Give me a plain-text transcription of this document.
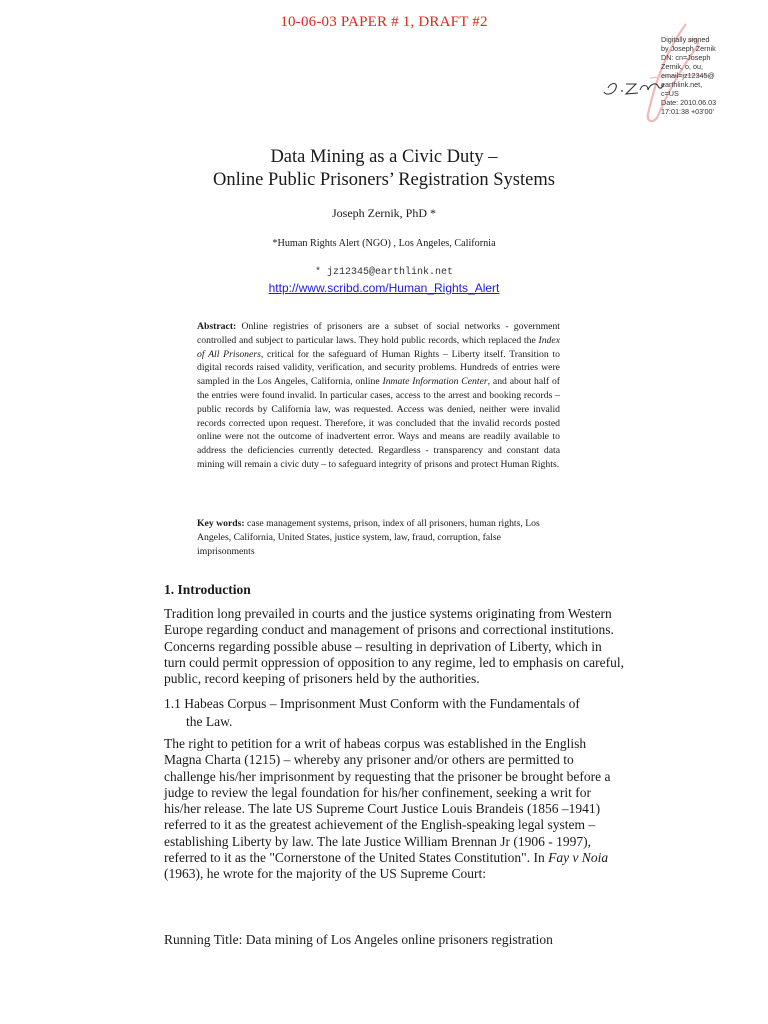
10-06-03 PAPER # 1, DRAFT #2
Digitally signed
by Joseph Zernik
DN: cn=Joseph
Zernik, o, ou,
email=jz12345@
earthlink.net,
c=US
Date: 2010.06.03
17:01:38 +03'00'
Data Mining as a Civic Duty –
Online Public Prisoners’ Registration Systems
Joseph Zernik, PhD *
*Human Rights Alert (NGO) , Los Angeles, California
* jz12345@earthlink.net
http://www.scribd.com/Human_Rights_Alert
Abstract: Online registries of prisoners are a subset of social networks - government controlled and subject to particular laws. They hold public records, which replaced the Index of All Prisoners, critical for the safeguard of Human Rights – Liberty itself. Transition to digital records raised validity, verification, and security problems. Hundreds of entries were sampled in the Los Angeles, California, online Inmate Information Center, and about half of the entries were found invalid. In particular cases, access to the arrest and booking records – public records by California law, was requested. Access was denied, neither were invalid records corrected upon request. Therefore, it was concluded that the invalid records posted online were not the outcome of inadvertent error. Ways and means are readily available to address the deficiencies currently detected. Regardless - transparency and constant data mining will remain a civic duty – to safeguard integrity of prisons and protect Human Rights.
Key words: case management systems, prison, index of all prisoners, human rights, Los Angeles, California, United States, justice system, law, fraud, corruption, false imprisonments
1. Introduction
Tradition long prevailed in courts and the justice systems originating from Western
Europe regarding conduct and management of prisons and correctional institutions.
Concerns regarding possible abuse – resulting in deprivation of Liberty, which in
turn could permit oppression of opposition to any regime, led to emphasis on careful,
public, record keeping of prisoners held by the authorities.
1.1 Habeas Corpus – Imprisonment Must Conform with the Fundamentals of
the Law.
The right to petition for a writ of habeas corpus was established in the English
Magna Charta (1215) – whereby any prisoner and/or others are permitted to
challenge his/her imprisonment by requesting that the prisoner be brought before a
judge to review the legal foundation for his/her confinement, seeking a writ for
his/her release. The late US Supreme Court Justice Louis Brandeis (1856 –1941)
referred to it as the greatest achievement of the English-speaking legal system –
establishing Liberty by law. The late Justice William Brennan Jr (1906 - 1997),
referred to it as the "Cornerstone of the United States Constitution". In Fay v Noia
(1963), he wrote for the majority of the US Supreme Court:
Running Title: Data mining of Los Angeles online prisoners registration
